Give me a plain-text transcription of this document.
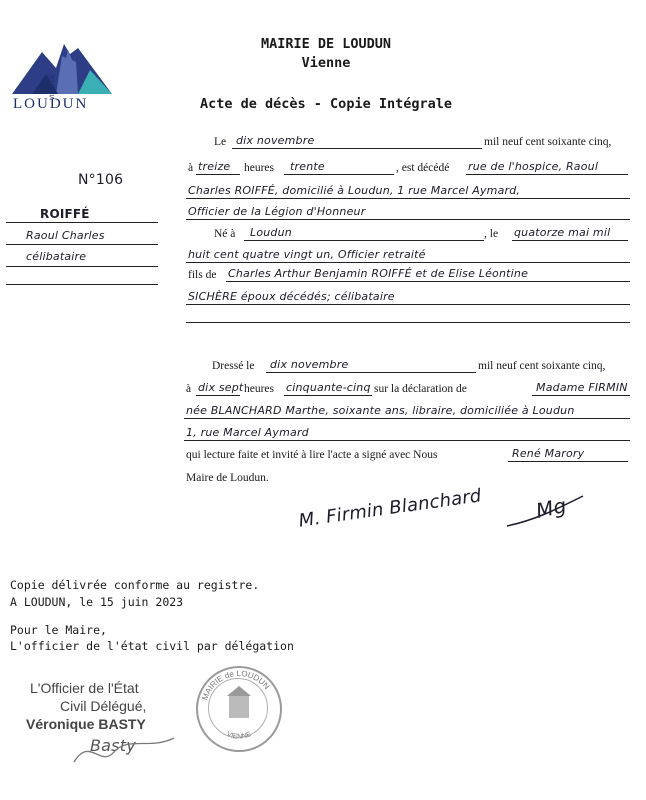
VILLE DE
LOUDUN
MAIRIE DE LOUDUN
Vienne
Acte de décès - Copie Intégrale
N°106
ROIFFÉ
Raoul Charles
célibataire
Le dix novembre	mil neuf cent soixante cinq,
à treize heures trente	, est décédé rue de l'hospice, Raoul
Charles ROIFFÉ, domicilié à Loudun, 1 rue Marcel Aymard,
Officier de la Légion d'Honneur
Né à Loudun	, le quatorze mai mil
huit cent quatre vingt un, Officier retraité
fils de Charles Arthur Benjamin ROIFFÉ et de Elise Léontine
SICHÈRE époux décédés; célibataire
Dressé le dix novembre	mil neuf cent soixante cinq,
à dix sept heures cinquante-cinq sur la déclaration de	Madame FIRMIN
née BLANCHARD Marthe, soixante ans, libraire, domiciliée à Loudun
1, rue Marcel Aymard
qui lecture faite et invité à lire l'acte a signé avec Nous	René Marory
Maire de Loudun.
M. Firmin Blanchard	Mg
Copie délivrée conforme au registre.
A LOUDUN, le 15 juin 2023
Pour le Maire,
L'officier de l'état civil par délégation
L'Officier de l'État
Civil Délégué,
Véronique BASTY
Basty
MAIRIE de LOUDUN
VIENNE
